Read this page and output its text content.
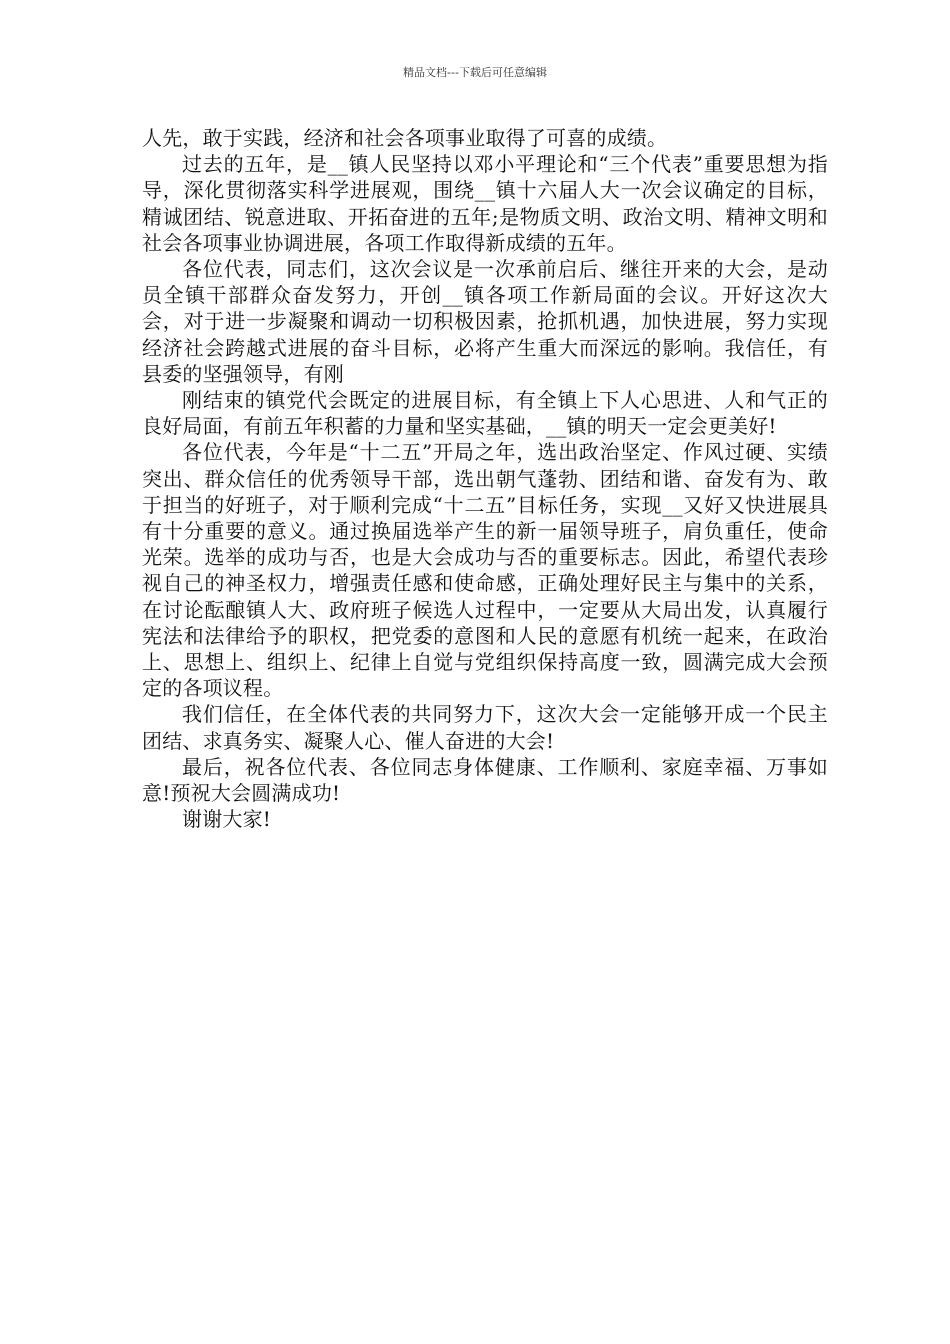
精品文档---下载后可任意编辑

人先，敢于实践，经济和社会各项事业取得了可喜的成绩。

过去的五年，是__镇人民坚持以邓小平理论和“三个代表”重要思想为指导，深化贯彻落实科学进展观，围绕__镇十六届人大一次会议确定的目标，精诚团结、锐意进取、开拓奋进的五年;是物质文明、政治文明、精神文明和社会各项事业协调进展，各项工作取得新成绩的五年。

各位代表，同志们，这次会议是一次承前启后、继往开来的大会，是动员全镇干部群众奋发努力，开创__镇各项工作新局面的会议。开好这次大会，对于进一步凝聚和调动一切积极因素，抢抓机遇，加快进展，努力实现经济社会跨越式进展的奋斗目标，必将产生重大而深远的影响。我信任，有县委的坚强领导，有刚

刚结束的镇党代会既定的进展目标，有全镇上下人心思进、人和气正的良好局面，有前五年积蓄的力量和坚实基础，__镇的明天一定会更美好!

各位代表，今年是“十二五”开局之年，选出政治坚定、作风过硬、实绩突出、群众信任的优秀领导干部，选出朝气蓬勃、团结和谐、奋发有为、敢于担当的好班子，对于顺利完成“十二五”目标任务，实现__又好又快进展具有十分重要的意义。通过换届选举产生的新一届领导班子，肩负重任，使命光荣。选举的成功与否，也是大会成功与否的重要标志。因此，希望代表珍视自己的神圣权力，增强责任感和使命感，正确处理好民主与集中的关系，在讨论酝酿镇人大、政府班子候选人过程中，一定要从大局出发，认真履行宪法和法律给予的职权，把党委的意图和人民的意愿有机统一起来，在政治上、思想上、组织上、纪律上自觉与党组织保持高度一致，圆满完成大会预定的各项议程。

我们信任，在全体代表的共同努力下，这次大会一定能够开成一个民主团结、求真务实、凝聚人心、催人奋进的大会!

最后，祝各位代表、各位同志身体健康、工作顺利、家庭幸福、万事如意!预祝大会圆满成功!

谢谢大家!
